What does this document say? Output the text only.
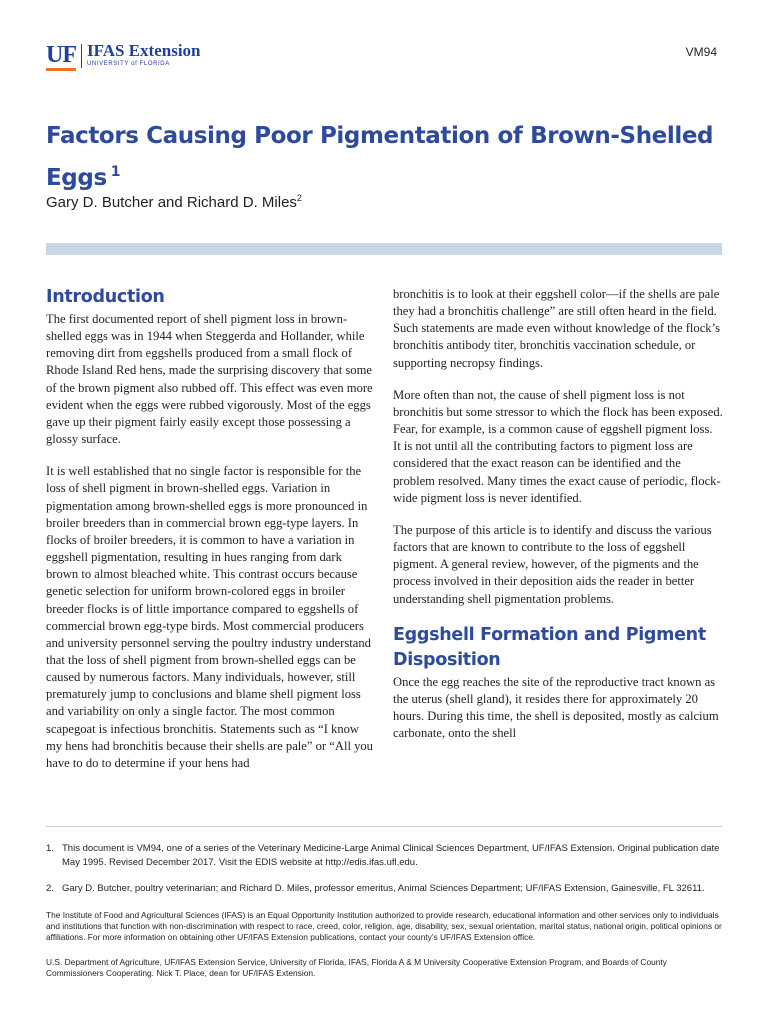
UF IFAS Extension
UNIVERSITY of FLORIDA
VM94
Factors Causing Poor Pigmentation of Brown-Shelled Eggs $^1$
Gary D. Butcher and Richard D. Miles$^2$
Introduction

The first documented report of shell pigment loss in brown-shelled eggs was in 1944 when Steggerda and Hollander, while removing dirt from eggshells produced from a small flock of Rhode Island Red hens, made the surprising discovery that some of the brown pigment also rubbed off. This effect was even more evident when the eggs were rubbed vigorously. Most of the eggs gave up their pigment fairly easily except those possessing a glossy surface.

It is well established that no single factor is responsible for the loss of shell pigment in brown-shelled eggs. Variation in pigmentation among brown-shelled eggs is more pronounced in broiler breeders than in commercial brown egg-type layers. In flocks of broiler breeders, it is common to have a variation in eggshell pigmentation, resulting in hues ranging from dark brown to almost bleached white. This contrast occurs because genetic selection for uniform brown-colored eggs in broiler breeder flocks is of little importance compared to eggshells of commercial brown egg-type birds. Most commercial producers and university personnel serving the poultry industry understand that the loss of shell pigment from brown-shelled eggs can be caused by numerous factors. Many individuals, however, still prematurely jump to conclusions and blame shell pigment loss and variability on only a single factor. The most common scapegoat is infectious bronchitis. Statements such as “I know my hens had bronchitis because their shells are pale” or “All you have to do to determine if your hens had

bronchitis is to look at their eggshell color—if the shells are pale they had a bronchitis challenge” are still often heard in the field. Such statements are made even without knowledge of the flock’s bronchitis antibody titer, bronchitis vaccination schedule, or supporting necropsy findings.

More often than not, the cause of shell pigment loss is not bronchitis but some stressor to which the flock has been exposed. Fear, for example, is a common cause of eggshell pigment loss. It is not until all the contributing factors to pigment loss are considered that the exact reason can be identified and the problem resolved. Many times the exact cause of periodic, flock-wide pigment loss is never identified.

The purpose of this article is to identify and discuss the various factors that are known to contribute to the loss of eggshell pigment. A general review, however, of the pigments and the process involved in their deposition aids the reader in better understanding shell pigmentation problems.

Eggshell Formation and Pigment Disposition

Once the egg reaches the site of the reproductive tract known as the uterus (shell gland), it resides there for approximately 20 hours. During this time, the shell is deposited, mostly as calcium carbonate, onto the shell

1. This document is VM94, one of a series of the Veterinary Medicine-Large Animal Clinical Sciences Department, UF/IFAS Extension. Original publication date May 1995. Revised December 2017. Visit the EDIS website at http://edis.ifas.ufl.edu.
2. Gary D. Butcher, poultry veterinarian; and Richard D. Miles, professor emeritus, Animal Sciences Department; UF/IFAS Extension, Gainesville, FL 32611.

The Institute of Food and Agricultural Sciences (IFAS) is an Equal Opportunity Institution authorized to provide research, educational information and other services only to individuals and institutions that function with non-discrimination with respect to race, creed, color, religion, age, disability, sex, sexual orientation, marital status, national origin, political opinions or affiliations. For more information on obtaining other UF/IFAS Extension publications, contact your county’s UF/IFAS Extension office.

U.S. Department of Agriculture, UF/IFAS Extension Service, University of Florida, IFAS, Florida A & M University Cooperative Extension Program, and Boards of County Commissioners Cooperating. Nick T. Place, dean for UF/IFAS Extension.
